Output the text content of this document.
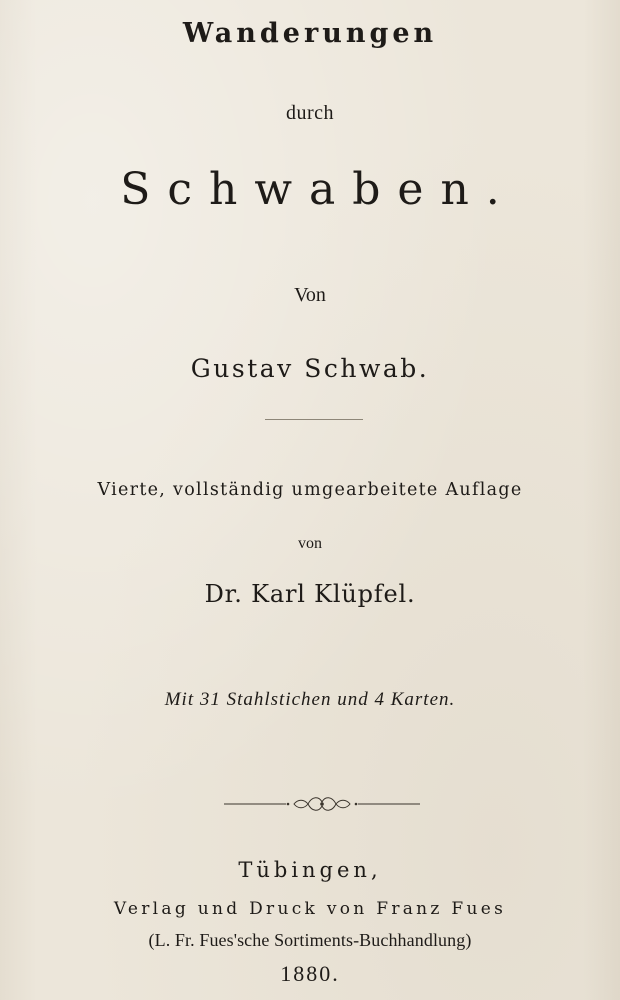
Wanderungen
durch
Schwaben.
Von
Gustav Schwab.
Vierte, vollständig umgearbeitete Auflage
von
Dr. Karl Klüpfel.
Mit 31 Stahlstichen und 4 Karten.
Tübingen,
Verlag und Druck von Franz Fues
(L. Fr. Fues'sche Sortiments-Buchhandlung)
1880.
